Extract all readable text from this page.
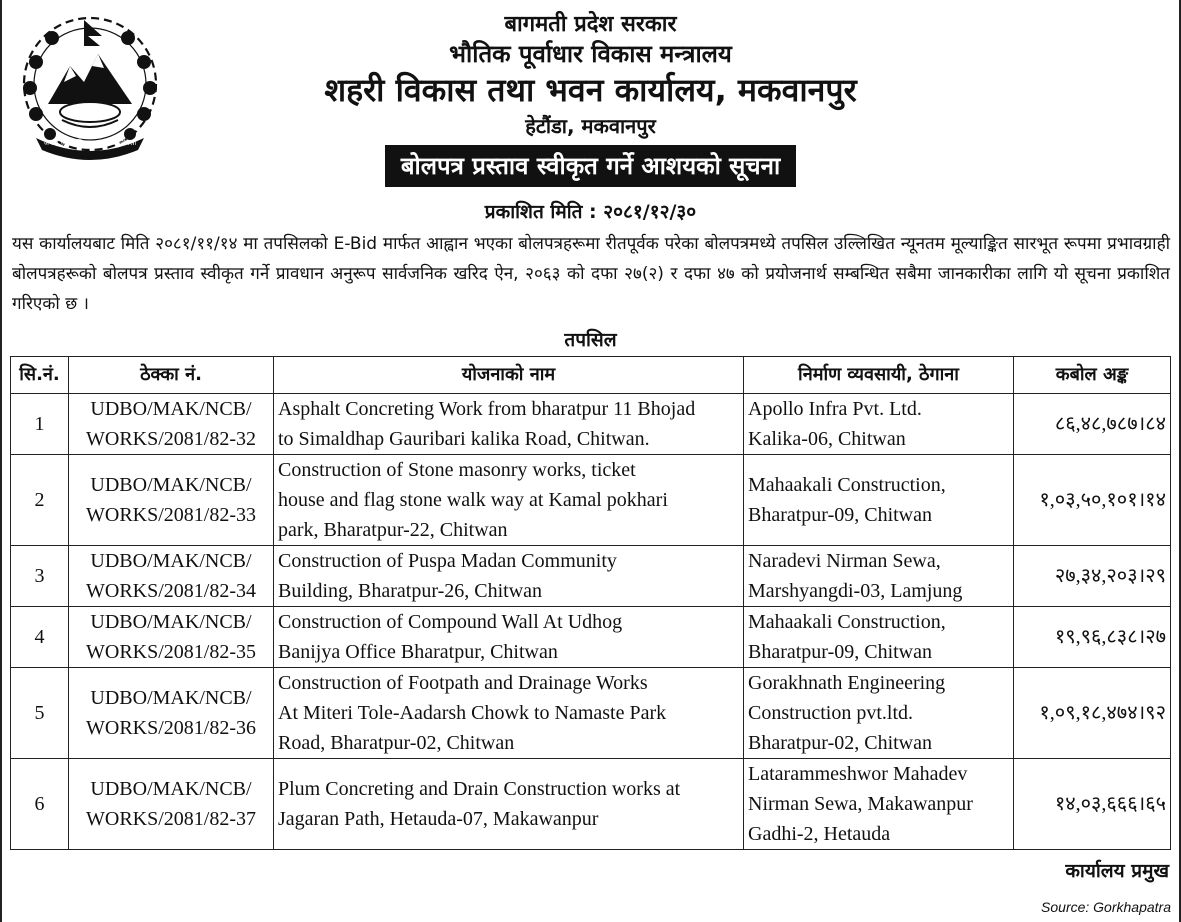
जननी जन्मभूमिश्च स्वर्गादपि गरीयसी
बागमती प्रदेश सरकार
भौतिक पूर्वाधार विकास मन्त्रालय
शहरी विकास तथा भवन कार्यालय, मकवानपुर
हेटौंडा, मकवानपुर
बोलपत्र प्रस्ताव स्वीकृत गर्ने आशयको सूचना
प्रकाशित मिति : २०८१/१२/३०
यस कार्यालयबाट मिति २०८१/११/१४ मा तपसिलको E-Bid मार्फत आह्वान भएका बोलपत्रहरूमा रीतपूर्वक परेका बोलपत्रमध्ये तपसिल उल्लिखित न्यूनतम मूल्याङ्कित सारभूत रूपमा प्रभावग्राही बोलपत्रहरूको बोलपत्र प्रस्ताव स्वीकृत गर्ने प्रावधान अनुरूप सार्वजनिक खरिद ऐन, २०६३ को दफा २७(२) र दफा ४७ को प्रयोजनार्थ सम्बन्धित सबैमा जानकारीका लागि यो सूचना प्रकाशित गरिएको छ ।
तपसिल
सि.नं.	ठेक्का नं.	योजनाको नाम	निर्माण व्यवसायी, ठेगाना	कबोल अङ्क
1	UDBO/MAK/NCB/
WORKS/2081/82-32	Asphalt Concreting Work from bharatpur 11 Bhojad
to Simaldhap Gauribari kalika Road, Chitwan.	Apollo Infra Pvt. Ltd.
Kalika-06, Chitwan	८६,४८,७८७।८४
2	UDBO/MAK/NCB/
WORKS/2081/82-33	Construction of Stone masonry works, ticket
house and flag stone walk way at Kamal pokhari
park, Bharatpur-22, Chitwan	Mahaakali Construction,
Bharatpur-09, Chitwan	१,०३,५०,१०१।१४
3	UDBO/MAK/NCB/
WORKS/2081/82-34	Construction of Puspa Madan Community
Building, Bharatpur-26, Chitwan	Naradevi Nirman Sewa,
Marshyangdi-03, Lamjung	२७,३४,२०३।२९
4	UDBO/MAK/NCB/
WORKS/2081/82-35	Construction of Compound Wall At Udhog
Banijya Office Bharatpur, Chitwan	Mahaakali Construction,
Bharatpur-09, Chitwan	१९,९६,८३८।२७
5	UDBO/MAK/NCB/
WORKS/2081/82-36	Construction of Footpath and Drainage Works
At Miteri Tole-Aadarsh Chowk to Namaste Park
Road, Bharatpur-02, Chitwan	Gorakhnath Engineering
Construction pvt.ltd.
Bharatpur-02, Chitwan	१,०९,१८,४७४।९२
6	UDBO/MAK/NCB/
WORKS/2081/82-37	Plum Concreting and Drain Construction works at
Jagaran Path, Hetauda-07, Makawanpur	Latarammeshwor Mahadev
Nirman Sewa, Makawanpur
Gadhi-2, Hetauda	१४,०३,६६६।६५
कार्यालय प्रमुख
Source: Gorkhapatra
